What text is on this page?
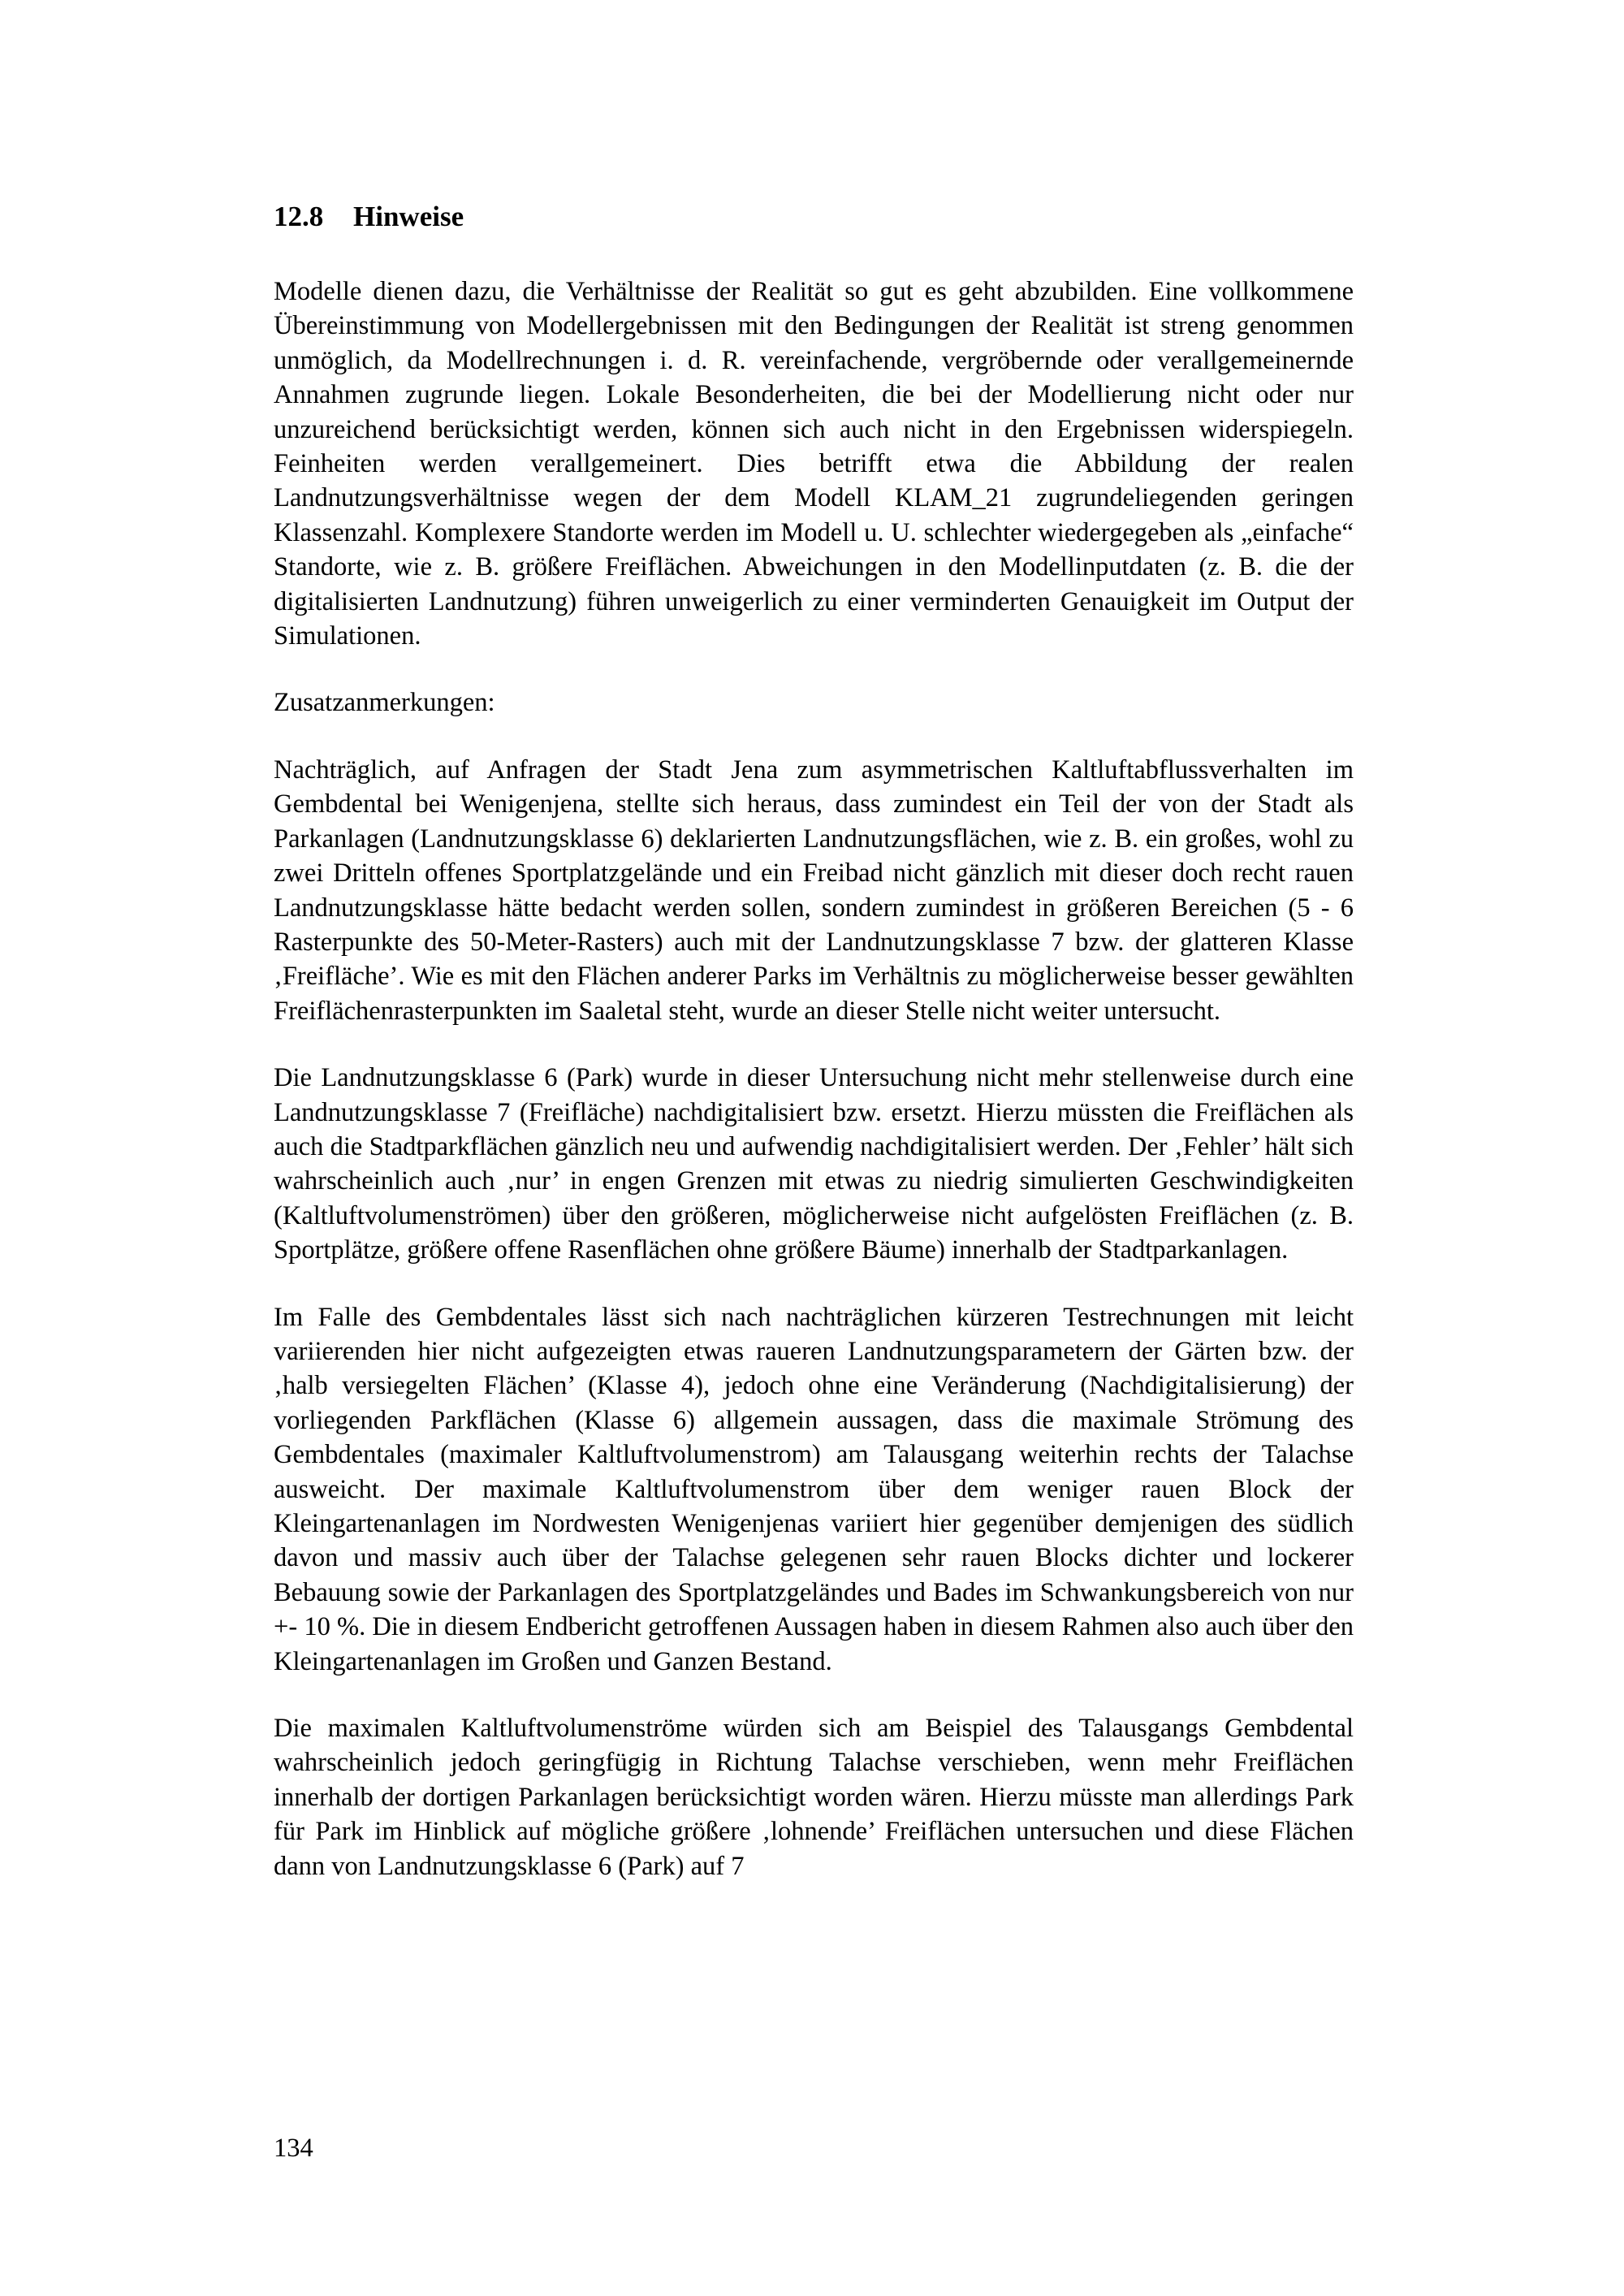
12.8 Hinweise

Modelle dienen dazu, die Verhältnisse der Realität so gut es geht abzubilden. Eine vollkommene Übereinstimmung von Modellergebnissen mit den Bedingungen der Realität ist streng genommen unmöglich, da Modellrechnungen i. d. R. vereinfachende, vergröbernde oder verallgemeinernde Annahmen zugrunde liegen. Lokale Besonderheiten, die bei der Modellierung nicht oder nur unzureichend berücksichtigt werden, können sich auch nicht in den Ergebnissen widerspiegeln. Feinheiten werden verallgemeinert. Dies betrifft etwa die Abbildung der realen Landnutzungsverhältnisse wegen der dem Modell KLAM_21 zugrundeliegenden geringen Klassenzahl. Komplexere Standorte werden im Modell u. U. schlechter wiedergegeben als „einfache“ Standorte, wie z. B. größere Freiflächen. Abweichungen in den Modellinputdaten (z. B. die der digitalisierten Landnutzung) führen unweigerlich zu einer verminderten Genauigkeit im Output der Simulationen.

Zusatzanmerkungen:

Nachträglich, auf Anfragen der Stadt Jena zum asymmetrischen Kaltluftabflussverhalten im Gembdental bei Wenigenjena, stellte sich heraus, dass zumindest ein Teil der von der Stadt als Parkanlagen (Landnutzungsklasse 6) deklarierten Landnutzungsflächen, wie z. B. ein großes, wohl zu zwei Dritteln offenes Sportplatzgelände und ein Freibad nicht gänzlich mit dieser doch recht rauen Landnutzungsklasse hätte bedacht werden sollen, sondern zumindest in größeren Bereichen (5 - 6 Rasterpunkte des 50-Meter-Rasters) auch mit der Landnutzungsklasse 7 bzw. der glatteren Klasse ‚Freifläche’. Wie es mit den Flächen anderer Parks im Verhältnis zu möglicherweise besser gewählten Freiflächenrasterpunkten im Saaletal steht, wurde an dieser Stelle nicht weiter untersucht.

Die Landnutzungsklasse 6 (Park) wurde in dieser Untersuchung nicht mehr stellenweise durch eine Landnutzungsklasse 7 (Freifläche) nachdigitalisiert bzw. ersetzt. Hierzu müssten die Freiflächen als auch die Stadtparkflächen gänzlich neu und aufwendig nachdigitalisiert werden. Der ‚Fehler’ hält sich wahrscheinlich auch ‚nur’ in engen Grenzen mit etwas zu niedrig simulierten Geschwindigkeiten (Kaltluftvolumenströmen) über den größeren, möglicherweise nicht aufgelösten Freiflächen (z. B. Sportplätze, größere offene Rasenflächen ohne größere Bäume) innerhalb der Stadtparkanlagen.

Im Falle des Gembdentales lässt sich nach nachträglichen kürzeren Testrechnungen mit leicht variierenden hier nicht aufgezeigten etwas raueren Landnutzungsparametern der Gärten bzw. der ‚halb versiegelten Flächen’ (Klasse 4), jedoch ohne eine Veränderung (Nachdigitalisierung) der vorliegenden Parkflächen (Klasse 6) allgemein aussagen, dass die maximale Strömung des Gembdentales (maximaler Kaltluftvolumenstrom) am Talausgang weiterhin rechts der Talachse ausweicht. Der maximale Kaltluftvolumenstrom über dem weniger rauen Block der Kleingartenanlagen im Nordwesten Wenigenjenas variiert hier gegenüber demjenigen des südlich davon und massiv auch über der Talachse gelegenen sehr rauen Blocks dichter und lockerer Bebauung sowie der Parkanlagen des Sportplatzgeländes und Bades im Schwankungsbereich von nur +- 10 %. Die in diesem Endbericht getroffenen Aussagen haben in diesem Rahmen also auch über den Kleingartenanlagen im Großen und Ganzen Bestand.

Die maximalen Kaltluftvolumenströme würden sich am Beispiel des Talausgangs Gembdental wahrscheinlich jedoch geringfügig in Richtung Talachse verschieben, wenn mehr Freiflächen innerhalb der dortigen Parkanlagen berücksichtigt worden wären. Hierzu müsste man allerdings Park für Park im Hinblick auf mögliche größere ‚lohnende’ Freiflächen untersuchen und diese Flächen dann von Landnutzungsklasse 6 (Park) auf 7

134
